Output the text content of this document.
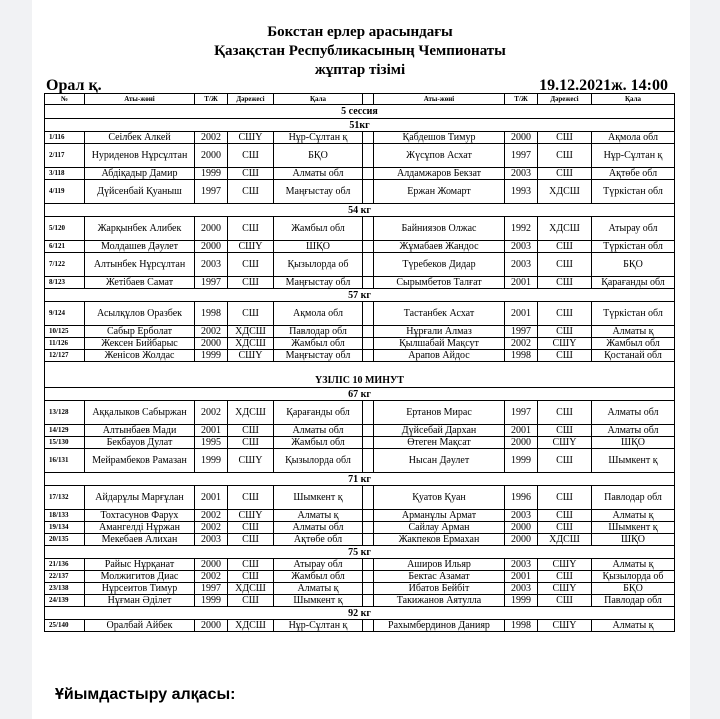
Бокстан ерлер арасындағы
Қазақстан Республикасының Чемпионаты
жұптар тізімі
Орал қ.	19.12.2021ж. 14:00
№	Аты-жөні	Т/Ж	Дәрежесі	Қала		Аты-жөні	Т/Ж	Дәрежесі	Қала
5 сессия									
51кг									
1/116	Сеілбек Алкей	2002	СШҮ	Нұр-Сұлтан қ		Қабдешов Тимур	2000	СШ	Ақмола обл
2/117	Нуриденов Нұрсұлтан	2000	СШ	БҚО		Жүсұпов Асхат	1997	СШ	Нұр-Сұлтан қ
3/118	Абдіқадыр Дамир	1999	СШ	Алматы обл		Алдамжаров Бекзат	2003	СШ	Ақтөбе обл
4/119	Дүйсенбай Қуаныш	1997	СШ	Маңғыстау обл		Ержан Жомарт	1993	ХДСШ	Түркістан обл
54 кг									
5/120	Жарқынбек Алибек	2000	СШ	Жамбыл обл		Байниязов Олжас	1992	ХДСШ	Атырау обл
6/121	Молдашев Дәулет	2000	СШҮ	ШҚО		Жұмабаев Жандос	2003	СШ	Түркістан обл
7/122	Алтынбек Нұрсұлтан	2003	СШ	Қызылорда об		Түребеков Дидар	2003	СШ	БҚО
8/123	Жетібаев Самат	1997	СШ	Маңғыстау обл		Сырымбетов Талғат	2001	СШ	Қарағанды обл
57 кг									
9/124	Асылқұлов Оразбек	1998	СШ	Ақмола обл		Тастанбек Асхат	2001	СШ	Түркістан обл
10/125	Сабыр Ерболат	2002	ХДСШ	Павлодар обл		Нұрғали Алмаз	1997	СШ	Алматы қ
11/126	Жексен Бийбарыс	2000	ХДСШ	Жамбыл обл		Қылшабай Мақсут	2002	СШҮ	Жамбыл обл
12/127	Женісов Жолдас	1999	СШҮ	Маңғыстау обл		Арапов Айдос	1998	СШ	Қостанай обл
ҮЗІЛІС 10 МИНУТ									
67 кг									
13/128	Аққалыков Сабыржан	2002	ХДСШ	Қарағанды обл		Ертанов Мирас	1997	СШ	Алматы обл
14/129	Алтынбаев Мади	2001	СШ	Алматы обл		Дүйсебай Дархан	2001	СШ	Алматы обл
15/130	Бекбауов Дулат	1995	СШ	Жамбыл обл		Өтеген Мақсат	2000	СШҮ	ШҚО
16/131	Мейрамбеков Рамазан	1999	СШҮ	Қызылорда обл		Нысан Дәулет	1999	СШ	Шымкент қ
71 кг									
17/132	Айдарұлы Марғұлан	2001	СШ	Шымкент қ		Қуатов Қуан	1996	СШ	Павлодар обл
18/133	Тохтасунов Фарух	2002	СШҮ	Алматы қ		Арманұлы Армат	2003	СШ	Алматы қ
19/134	Амангелді Нұржан	2002	СШ	Алматы обл		Сайлау Арман	2000	СШ	Шымкент қ
20/135	Мекебаев Алихан	2003	СШ	Ақтөбе обл		Жакпеков Ермахан	2000	ХДСШ	ШҚО
75 кг									
21/136	Райыс Нұрқанат	2000	СШ	Атырау обл		Аширов Ильяр	2003	СШҮ	Алматы қ
22/137	Молжигитов Диас	2002	СШ	Жамбыл обл		Бектас Азамат	2001	СШ	Қызылорда об
23/138	Нұрсеитов Тимур	1997	ХДСШ	Алматы қ		Ибатов Бейбіт	2003	СШҮ	БҚО
24/139	Нұғман Әділет	1999	СШ	Шымкент қ		Такижанов Аятулла	1999	СШ	Павлодар обл
92 кг									
25/140	Оралбай Айбек	2000	ХДСШ	Нұр-Сұлтан қ		Рахымбердинов Данияр	1998	СШҮ	Алматы қ
Ұйымдастыру алқасы:
